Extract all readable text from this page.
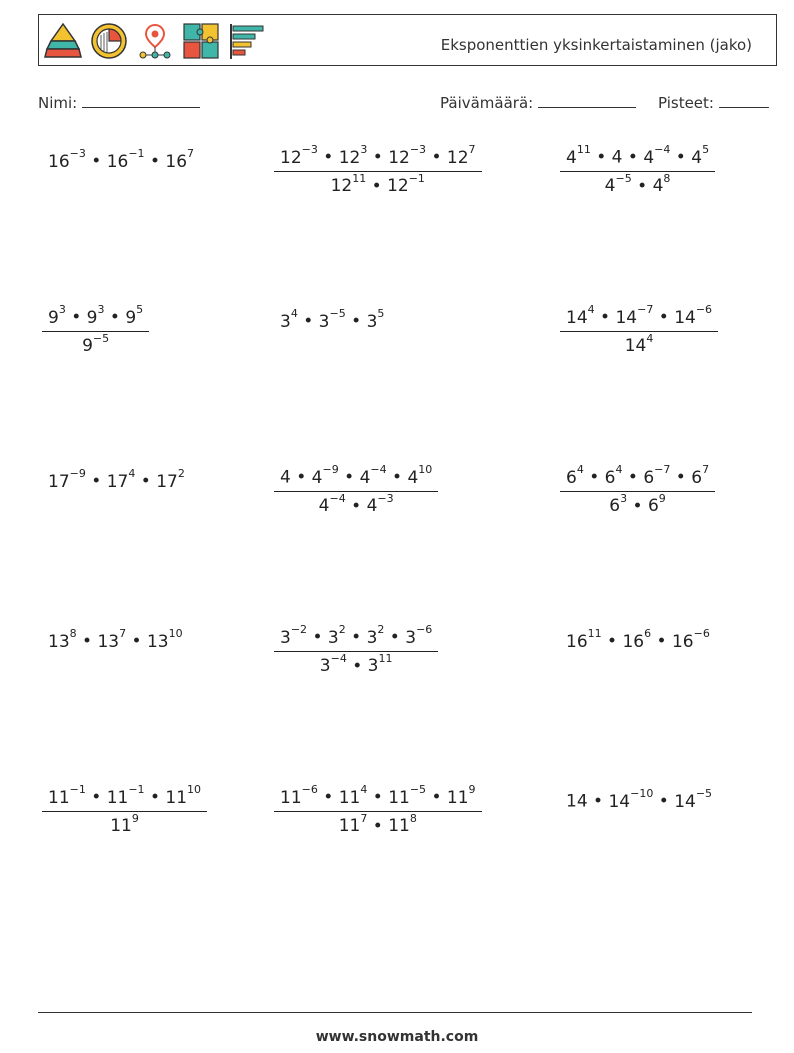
Eksponenttien yksinkertaistaminen (jako)
Nimi:	Päivämäärä:	Pisteet:
$16^{-3}$ • $16^{-1}$ • $16^7$	$\frac{12^{-3} • 12^3 • 12^{-3} • 12^7}{12^{11} • 12^{-1}}$	$\frac{4^{11} • 4 • 4^{-4} • 4^5}{4^{-5} • 4^8}$
$\frac{9^3 • 9^3 • 9^5}{9^{-5}}$	$3^4$ • $3^{-5}$ • $3^5$	$\frac{14^4 • 14^{-7} • 14^{-6}}{14^4}$
$17^{-9}$ • $17^4$ • $17^2$	$\frac{4 • 4^{-9} • 4^{-4} • 4^{10}}{4^{-4} • 4^{-3}}$	$\frac{6^4 • 6^4 • 6^{-7} • 6^7}{6^3 • 6^9}$
$13^8$ • $13^7$ • $13^{10}$	$\frac{3^{-2} • 3^2 • 3^2 • 3^{-6}}{3^{-4} • 3^{11}}$	$16^{11}$ • $16^6$ • $16^{-6}$
$\frac{11^{-1} • 11^{-1} • 11^{10}}{11^9}$	$\frac{11^{-6} • 11^4 • 11^{-5} • 11^9}{11^7 • 11^8}$	14 • $14^{-10}$ • $14^{-5}$
www.snowmath.com
